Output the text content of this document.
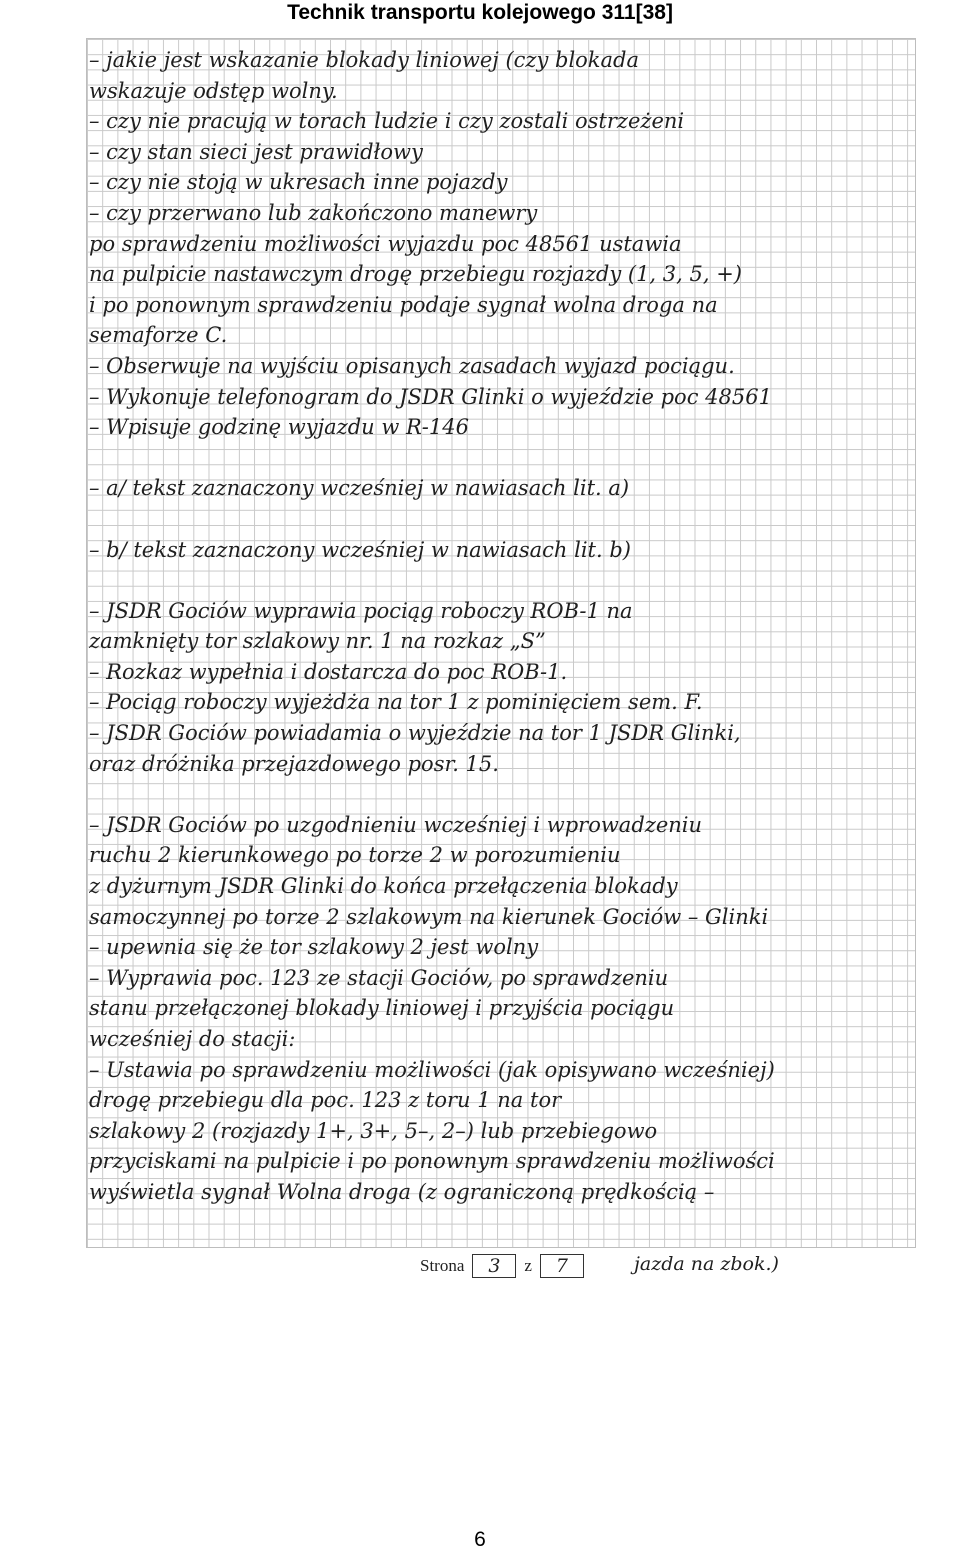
Technik transportu kolejowego 311[38]
– jakie jest wskazanie blokady liniowej (czy blokada
wskazuje odstęp wolny.
– czy nie pracują w torach ludzie i czy zostali ostrzeżeni
– czy stan sieci jest prawidłowy
– czy nie stoją w ukresach inne pojazdy
– czy przerwano lub zakończono manewry
po sprawdzeniu możliwości wyjazdu poc 48561 ustawia
na pulpicie nastawczym drogę przebiegu rozjazdy (1, 3, 5, +)
i po ponownym sprawdzeniu podaje sygnał wolna droga na
semaforze C.
– Obserwuje na wyjściu opisanych zasadach wyjazd pociągu.
– Wykonuje telefonogram do JSDR Glinki o wyjeździe poc 48561
– Wpisuje godzinę wyjazdu w R-146
– a/ tekst zaznaczony wcześniej w nawiasach lit. a)
– b/ tekst zaznaczony wcześniej w nawiasach lit. b)
– JSDR Gociów wyprawia pociąg roboczy ROB-1 na
zamknięty tor szlakowy nr. 1 na rozkaz „S”
– Rozkaz wypełnia i dostarcza do poc ROB-1.
– Pociąg roboczy wyjeżdża na tor 1 z pominięciem sem. F.
– JSDR Gociów powiadamia o wyjeździe na tor 1 JSDR Glinki,
oraz dróżnika przejazdowego posr. 15.
– JSDR Gociów po uzgodnieniu wcześniej i wprowadzeniu
ruchu 2 kierunkowego po torze 2 w porozumieniu
z dyżurnym JSDR Glinki do końca przełączenia blokady
samoczynnej po torze 2 szlakowym na kierunek Gociów – Glinki
– upewnia się że tor szlakowy 2 jest wolny
– Wyprawia poc. 123 ze stacji Gociów, po sprawdzeniu
stanu przełączonej blokady liniowej i przyjścia pociągu
wcześniej do stacji:
– Ustawia po sprawdzeniu możliwości (jak opisywano wcześniej)
drogę przebiegu dla poc. 123 z toru 1 na tor
szlakowy 2 (rozjazdy 1+, 3+, 5–, 2–) lub przebiegowo
przyciskami na pulpicie i po ponownym sprawdzeniu możliwości
wyświetla sygnał Wolna droga (z ograniczoną prędkością –
Strona	3	z	7	jazda na zbok.)
6
